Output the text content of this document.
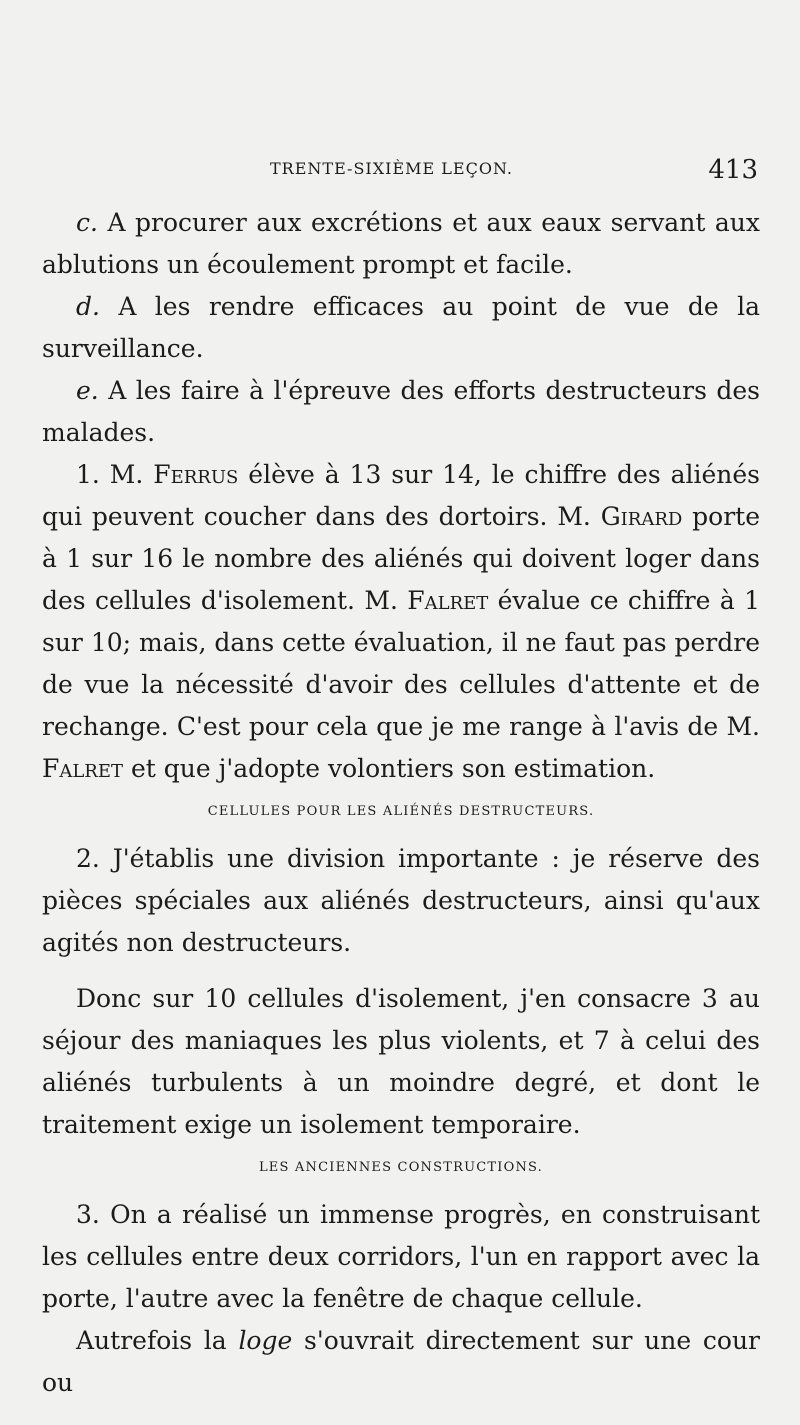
TRENTE-SIXIÈME LEÇON.	413

c. A procurer aux excrétions et aux eaux servant aux ablutions un écoulement prompt et facile.

d. A les rendre efficaces au point de vue de la surveillance.

e. A les faire à l'épreuve des efforts destructeurs des malades.

1. M. Ferrus élève à 13 sur 14, le chiffre des aliénés qui peuvent coucher dans des dortoirs. M. Girard porte à 1 sur 16 le nombre des aliénés qui doivent loger dans des cellules d'isolement. M. Falret évalue ce chiffre à 1 sur 10; mais, dans cette évaluation, il ne faut pas perdre de vue la nécessité d'avoir des cellules d'attente et de rechange. C'est pour cela que je me range à l'avis de M. Falret et que j'adopte volontiers son estimation.

CELLULES POUR LES ALIÉNÉS DESTRUCTEURS.

2. J'établis une division importante : je réserve des pièces spéciales aux aliénés destructeurs, ainsi qu'aux agités non destructeurs.

Donc sur 10 cellules d'isolement, j'en consacre 3 au séjour des maniaques les plus violents, et 7 à celui des aliénés turbulents à un moindre degré, et dont le traitement exige un isolement temporaire.

LES ANCIENNES CONSTRUCTIONS.

3. On a réalisé un immense progrès, en construisant les cellules entre deux corridors, l'un en rapport avec la porte, l'autre avec la fenêtre de chaque cellule.

Autrefois la loge s'ouvrait directement sur une cour ou
